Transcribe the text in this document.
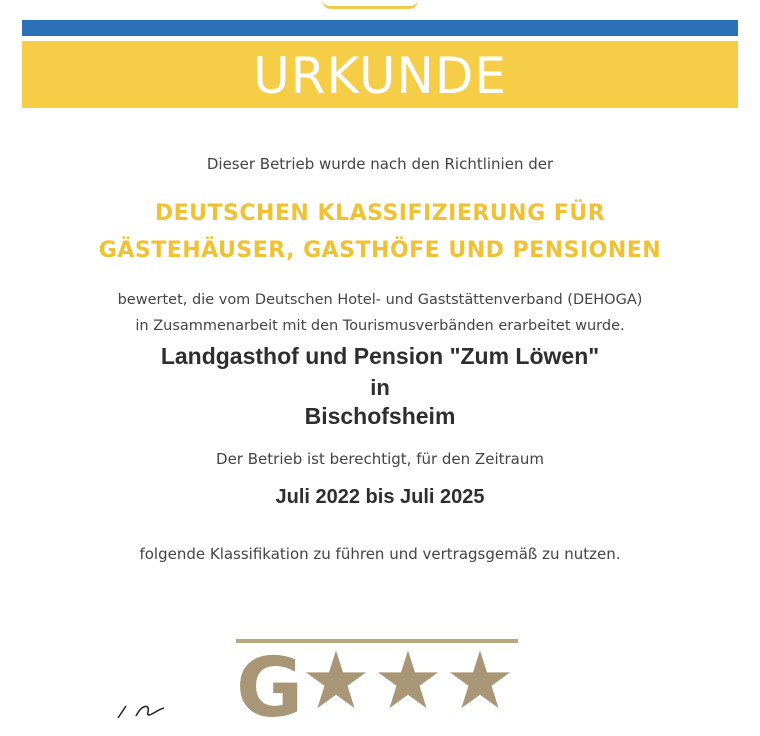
URKUNDE
Dieser Betrieb wurde nach den Richtlinien der
DEUTSCHEN KLASSIFIZIERUNG FÜR
GÄSTEHÄUSER, GASTHÖFE UND PENSIONEN
bewertet, die vom Deutschen Hotel- und Gaststättenverband (DEHOGA)
in Zusammenarbeit mit den Tourismusverbänden erarbeitet wurde.
Landgasthof und Pension "Zum Löwen"
in
Bischofsheim
Der Betrieb ist berechtigt, für den Zeitraum
Juli 2022 bis Juli 2025
folgende Klassifikation zu führen und vertragsgemäß zu nutzen.
G
